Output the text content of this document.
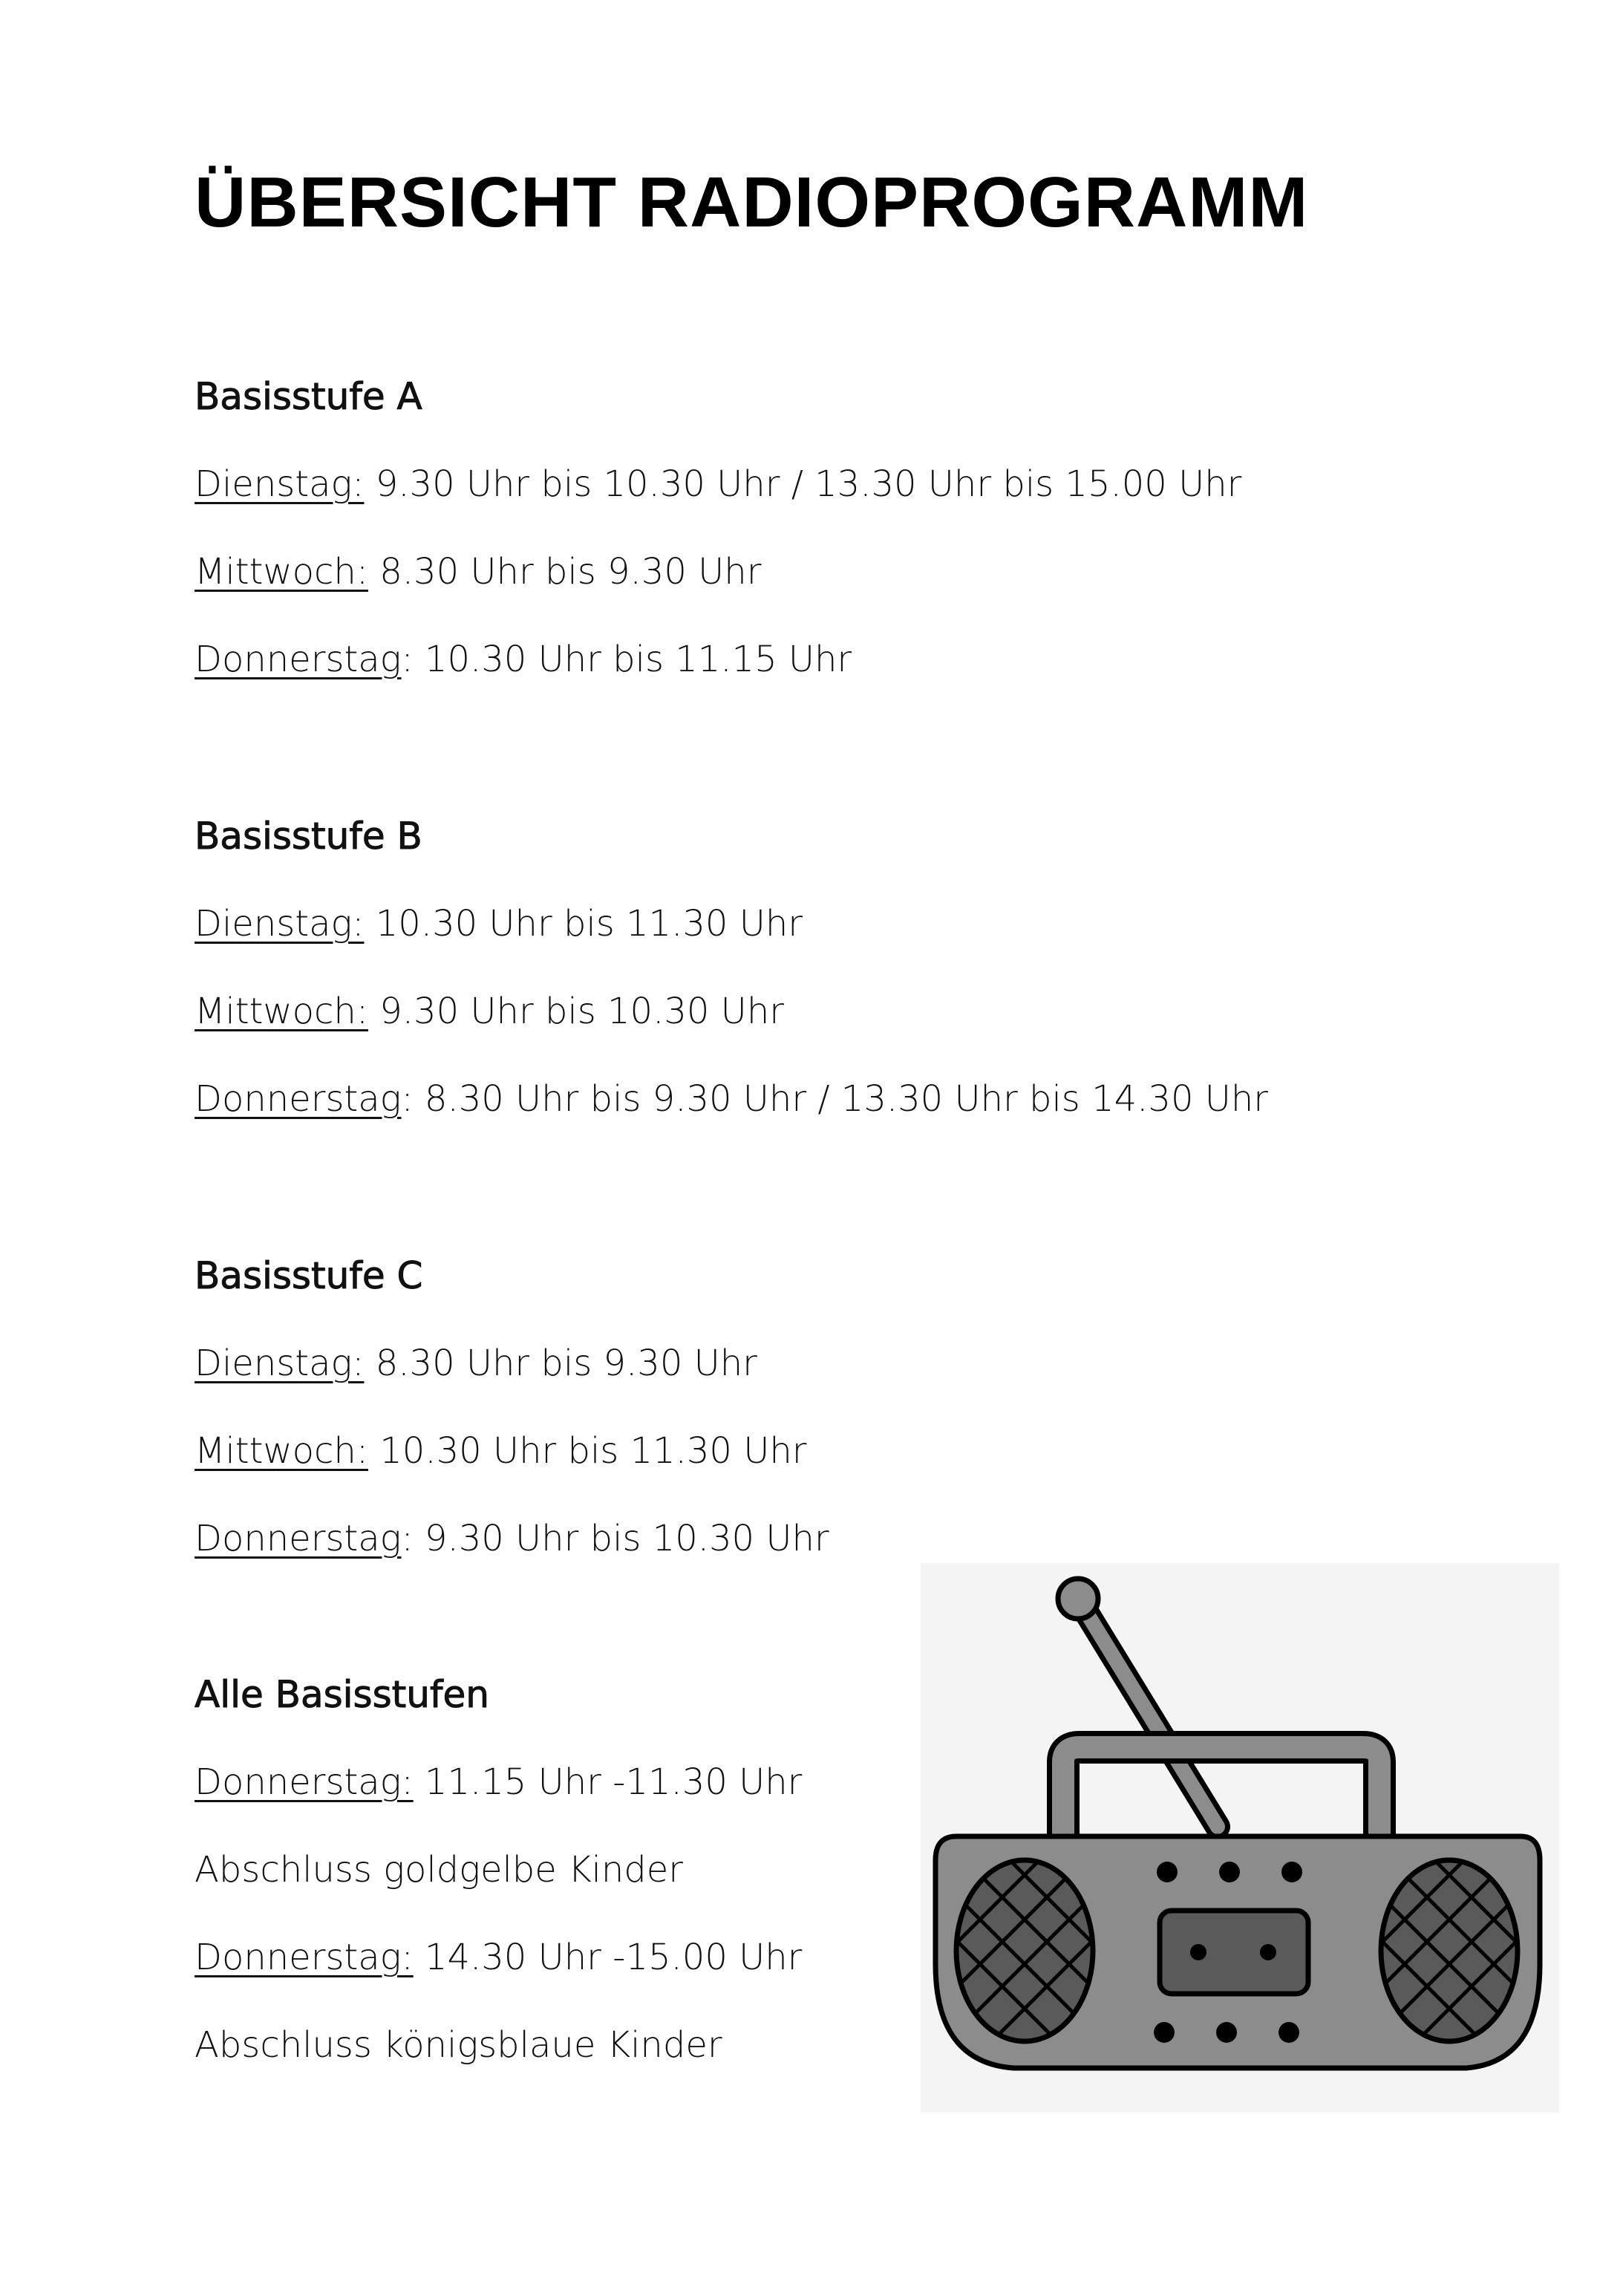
ÜBERSICHT RADIOPROGRAMM
Basisstufe A
Dienstag: 9.30 Uhr bis 10.30 Uhr / 13.30 Uhr bis 15.00 Uhr
Mittwoch: 8.30 Uhr bis 9.30 Uhr
Donnerstag: 10.30 Uhr bis 11.15 Uhr
Basisstufe B
Dienstag: 10.30 Uhr bis 11.30 Uhr
Mittwoch: 9.30 Uhr bis 10.30 Uhr
Donnerstag: 8.30 Uhr bis 9.30 Uhr / 13.30 Uhr bis 14.30 Uhr
Basisstufe C
Dienstag: 8.30 Uhr bis 9.30 Uhr
Mittwoch: 10.30 Uhr bis 11.30 Uhr
Donnerstag: 9.30 Uhr bis 10.30 Uhr
Alle Basisstufen
Donnerstag: 11.15 Uhr -11.30 Uhr
Abschluss goldgelbe Kinder
Donnerstag: 14.30 Uhr -15.00 Uhr
Abschluss königsblaue Kinder
